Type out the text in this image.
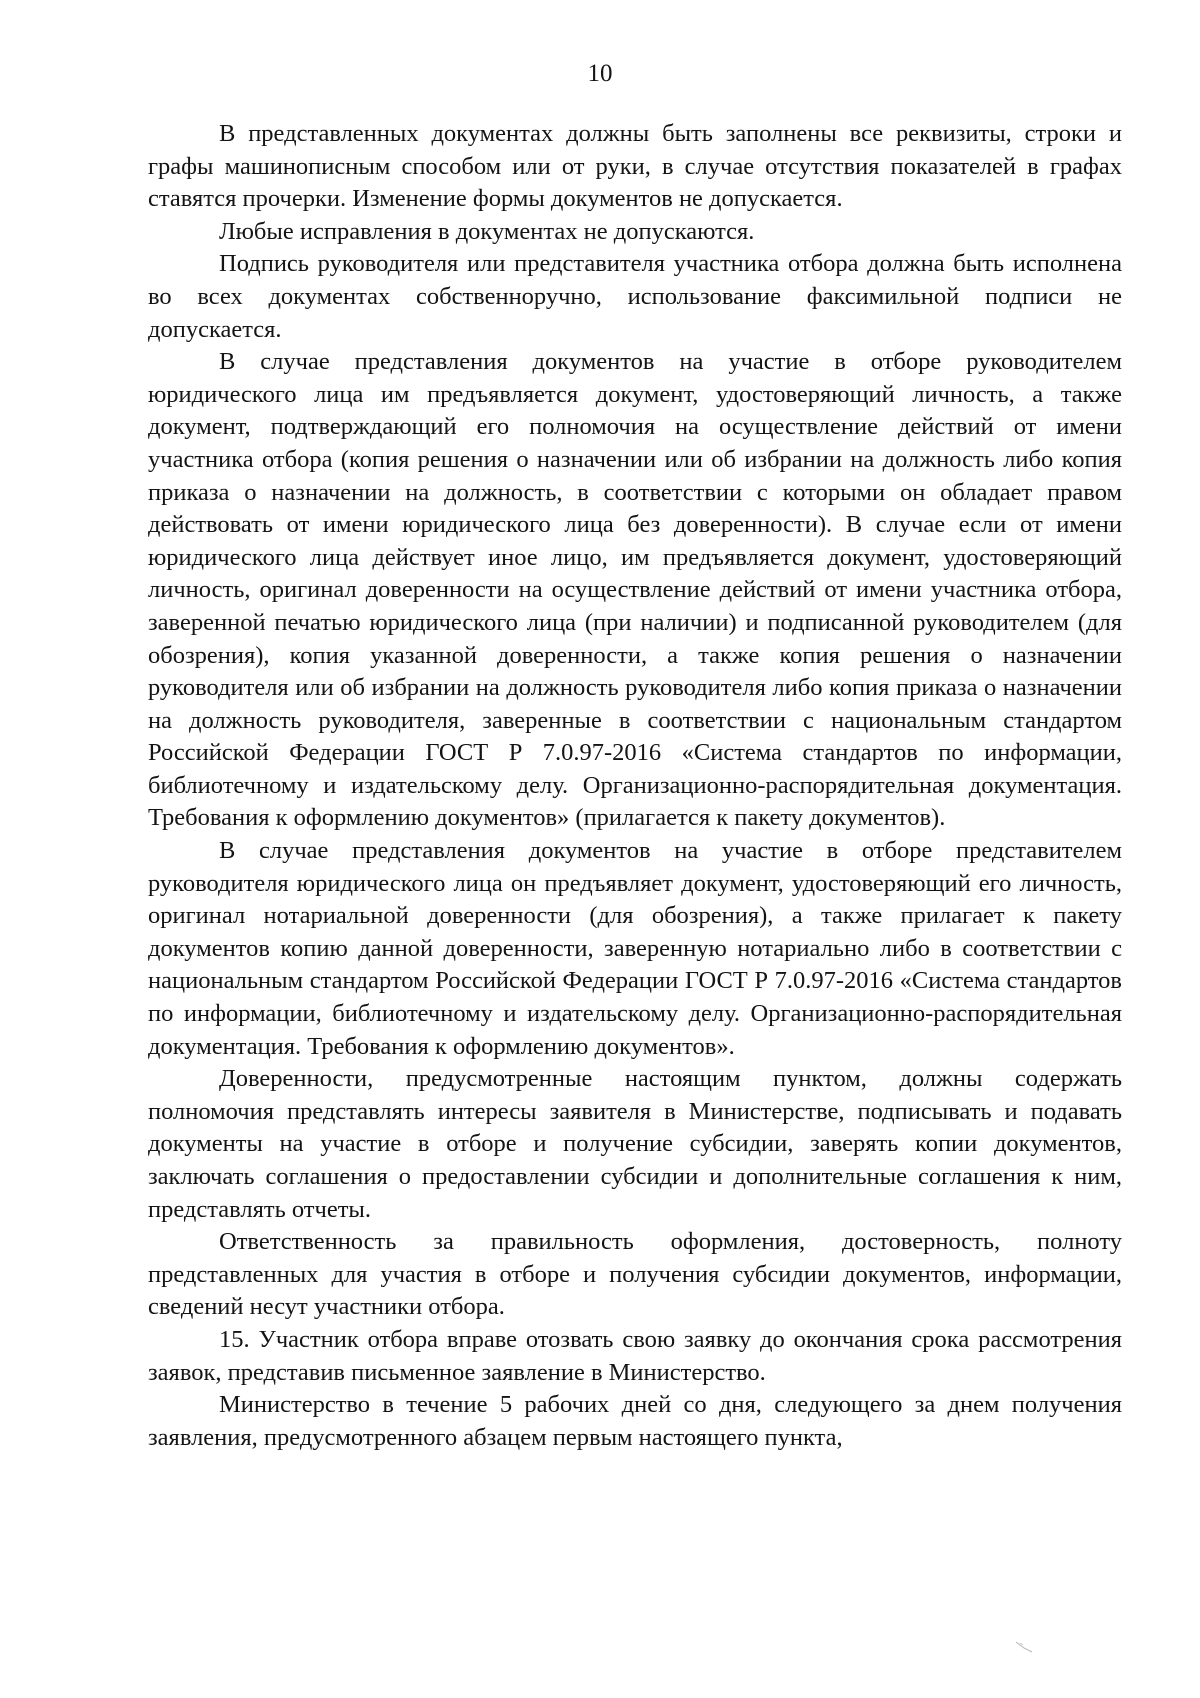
10

В представленных документах должны быть заполнены все реквизиты, строки и графы машинописным способом или от руки, в случае отсутствия показателей в графах ставятся прочерки. Изменение формы документов не допускается.

Любые исправления в документах не допускаются.

Подпись руководителя или представителя участника отбора должна быть исполнена во всех документах собственноручно, использование факсимильной подписи не допускается.

В случае представления документов на участие в отборе руководителем юридического лица им предъявляется документ, удостоверяющий личность, а также документ, подтверждающий его полномочия на осуществление действий от имени участника отбора (копия решения о назначении или об избрании на должность либо копия приказа о назначении на должность, в соответствии с которыми он обладает правом действовать от имени юридического лица без доверенности). В случае если от имени юридического лица действует иное лицо, им предъявляется документ, удостоверяющий личность, оригинал доверенности на осуществление действий от имени участника отбора, заверенной печатью юридического лица (при наличии) и подписанной руководителем (для обозрения), копия указанной доверенности, а также копия решения о назначении руководителя или об избрании на должность руководителя либо копия приказа о назначении на должность руководителя, заверенные в соответствии с национальным стандартом Российской Федерации ГОСТ Р 7.0.97-2016 «Система стандартов по информации, библиотечному и издательскому делу. Организационно-распорядительная документация. Требования к оформлению документов» (прилагается к пакету документов).

В случае представления документов на участие в отборе представителем руководителя юридического лица он предъявляет документ, удостоверяющий его личность, оригинал нотариальной доверенности (для обозрения), а также прилагает к пакету документов копию данной доверенности, заверенную нотариально либо в соответствии с национальным стандартом Российской Федерации ГОСТ Р 7.0.97-2016 «Система стандартов по информации, библиотечному и издательскому делу. Организационно-распорядительная документация. Требования к оформлению документов».

Доверенности, предусмотренные настоящим пунктом, должны содержать полномочия представлять интересы заявителя в Министерстве, подписывать и подавать документы на участие в отборе и получение субсидии, заверять копии документов, заключать соглашения о предоставлении субсидии и дополнительные соглашения к ним, представлять отчеты.

Ответственность за правильность оформления, достоверность, полноту представленных для участия в отборе и получения субсидии документов, информации, сведений несут участники отбора.

15. Участник отбора вправе отозвать свою заявку до окончания срока рассмотрения заявок, представив письменное заявление в Министерство.

Министерство в течение 5 рабочих дней со дня, следующего за днем получения заявления, предусмотренного абзацем первым настоящего пункта,
